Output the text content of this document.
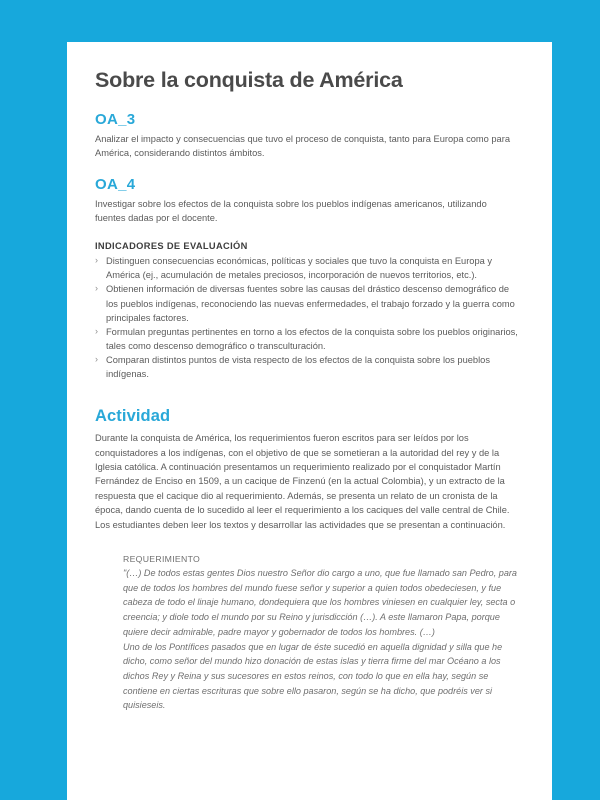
Sobre la conquista de América
OA_3

Analizar el impacto y consecuencias que tuvo el proceso de conquista, tanto para Europa como para América, considerando distintos ámbitos.

OA_4

Investigar sobre los efectos de la conquista sobre los pueblos indígenas americanos, utilizando fuentes dadas por el docente.

INDICADORES DE EVALUACIÓN
› Distinguen consecuencias económicas, políticas y sociales que tuvo la conquista en Europa y América (ej., acumulación de metales preciosos, incorporación de nuevos territorios, etc.).
› Obtienen información de diversas fuentes sobre las causas del drástico descenso demográfico de los pueblos indígenas, reconociendo las nuevas enfermedades, el trabajo forzado y la guerra como principales factores.
› Formulan preguntas pertinentes en torno a los efectos de la conquista sobre los pueblos originarios, tales como descenso demográfico o transculturación.
› Comparan distintos puntos de vista respecto de los efectos de la conquista sobre los pueblos indígenas.
Actividad

Durante la conquista de América, los requerimientos fueron escritos para ser leídos por los conquistadores a los indígenas, con el objetivo de que se sometieran a la autoridad del rey y de la Iglesia católica. A continuación presentamos un requerimiento realizado por el conquistador Martín Fernández de Enciso en 1509, a un cacique de Finzenú (en la actual Colombia), y un extracto de la respuesta que el cacique dio al requerimiento. Además, se presenta un relato de un cronista de la época, dando cuenta de lo sucedido al leer el requerimiento a los caciques del valle central de Chile.

Los estudiantes deben leer los textos y desarrollar las actividades que se presentan a continuación.

REQUERIMIENTO

"(…) De todos estas gentes Dios nuestro Señor dio cargo a uno, que fue llamado san Pedro, para que de todos los hombres del mundo fuese señor y superior a quien todos obedeciesen, y fue cabeza de todo el linaje humano, dondequiera que los hombres viniesen en cualquier ley, secta o creencia; y diole todo el mundo por su Reino y jurisdicción (…). A este llamaron Papa, porque quiere decir admirable, padre mayor y gobernador de todos los hombres. (…)

Uno de los Pontífices pasados que en lugar de éste sucedió en aquella dignidad y silla que he dicho, como señor del mundo hizo donación de estas islas y tierra firme del mar Océano a los dichos Rey y Reina y sus sucesores en estos reinos, con todo lo que en ella hay, según se contiene en ciertas escrituras que sobre ello pasaron, según se ha dicho, que podréis ver si quisieseis.
